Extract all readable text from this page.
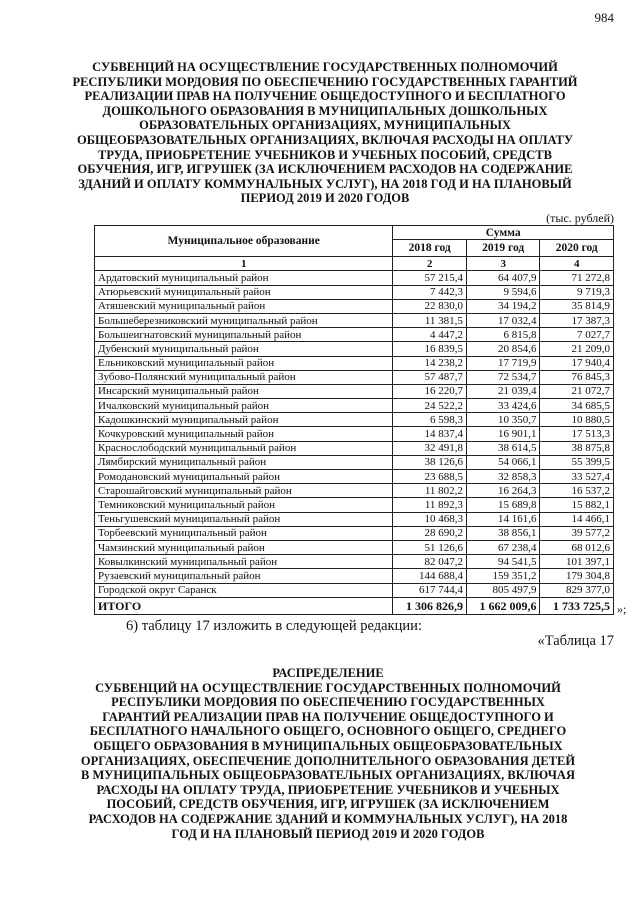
984
СУБВЕНЦИЙ НА ОСУЩЕСТВЛЕНИЕ ГОСУДАРСТВЕННЫХ ПОЛНОМОЧИЙ РЕСПУБЛИКИ МОРДОВИЯ ПО ОБЕСПЕЧЕНИЮ ГОСУДАРСТВЕННЫХ ГАРАНТИЙ РЕАЛИЗАЦИИ ПРАВ НА ПОЛУЧЕНИЕ ОБЩЕДОСТУПНОГО И БЕСПЛАТНОГО ДОШКОЛЬНОГО ОБРАЗОВАНИЯ В МУНИЦИПАЛЬНЫХ ДОШКОЛЬНЫХ ОБРАЗОВАТЕЛЬНЫХ ОРГАНИЗАЦИЯХ, МУНИЦИПАЛЬНЫХ ОБЩЕОБРАЗОВАТЕЛЬНЫХ ОРГАНИЗАЦИЯХ, ВКЛЮЧАЯ РАСХОДЫ НА ОПЛАТУ ТРУДА, ПРИОБРЕТЕНИЕ УЧЕБНИКОВ И УЧЕБНЫХ ПОСОБИЙ, СРЕДСТВ ОБУЧЕНИЯ, ИГР, ИГРУШЕК (ЗА ИСКЛЮЧЕНИЕМ РАСХОДОВ НА СОДЕРЖАНИЕ ЗДАНИЙ И ОПЛАТУ КОММУНАЛЬНЫХ УСЛУГ), НА 2018 ГОД И НА ПЛАНОВЫЙ ПЕРИОД 2019 И 2020 ГОДОВ
(тыс. рублей)
Муниципальное образование	Сумма		
	2018 год	2019 год	2020 год
1	2	3	4
Ардатовский муниципальный район	57 215,4	64 407,9	71 272,8
Атюрьевский муниципальный район	7 442,3	9 594,6	9 719,3
Атяшевский муниципальный район	22 830,0	34 194,2	35 814,9
Большеберезниковский муниципальный район	11 381,5	17 032,4	17 387,3
Большеигнатовский муниципальный район	4 447,2	6 815,8	7 027,7
Дубенский муниципальный район	16 839,5	20 854,6	21 209,0
Ельниковский муниципальный район	14 238,2	17 719,9	17 940,4
Зубово-Полянский муниципальный район	57 487,7	72 534,7	76 845,3
Инсарский муниципальный район	16 220,7	21 039,4	21 072,7
Ичалковский муниципальный район	24 522,2	33 424,6	34 685,5
Кадошкинский муниципальный район	6 598,3	10 350,7	10 880,5
Кочкуровский муниципальный район	14 837,4	16 901,1	17 513,3
Краснослободский муниципальный район	32 491,8	38 614,5	38 875,8
Лямбирский муниципальный район	38 126,6	54 066,1	55 399,5
Ромодановский муниципальный район	23 688,5	32 858,3	33 527,4
Старошайговский муниципальный район	11 802,2	16 264,3	16 537,2
Темниковский муниципальный район	11 892,3	15 689,8	15 882,1
Теньгушевский муниципальный район	10 468,3	14 161,6	14 466,1
Торбеевский муниципальный район	28 690,2	38 856,1	39 577,2
Чамзинский муниципальный район	51 126,6	67 238,4	68 012,6
Ковылкинский муниципальный район	82 047,2	94 541,5	101 397,1
Рузаевский муниципальный район	144 688,4	159 351,2	179 304,8
Городской округ Саранск	617 744,4	805 497,9	829 377,0
ИТОГО	1 306 826,9	1 662 009,6	1 733 725,5 »;
6) таблицу 17 изложить в следующей редакции:
«Таблица 17
РАСПРЕДЕЛЕНИЕ
СУБВЕНЦИЙ НА ОСУЩЕСТВЛЕНИЕ ГОСУДАРСТВЕННЫХ ПОЛНОМОЧИЙ РЕСПУБЛИКИ МОРДОВИЯ ПО ОБЕСПЕЧЕНИЮ ГОСУДАРСТВЕННЫХ ГАРАНТИЙ РЕАЛИЗАЦИИ ПРАВ НА ПОЛУЧЕНИЕ ОБЩЕДОСТУПНОГО И БЕСПЛАТНОГО НАЧАЛЬНОГО ОБЩЕГО, ОСНОВНОГО ОБЩЕГО, СРЕДНЕГО ОБЩЕГО ОБРАЗОВАНИЯ В МУНИЦИПАЛЬНЫХ ОБЩЕОБРАЗОВАТЕЛЬНЫХ ОРГАНИЗАЦИЯХ, ОБЕСПЕЧЕНИЕ ДОПОЛНИТЕЛЬНОГО ОБРАЗОВАНИЯ ДЕТЕЙ В МУНИЦИПАЛЬНЫХ ОБЩЕОБРАЗОВАТЕЛЬНЫХ ОРГАНИЗАЦИЯХ, ВКЛЮЧАЯ РАСХОДЫ НА ОПЛАТУ ТРУДА, ПРИОБРЕТЕНИЕ УЧЕБНИКОВ И УЧЕБНЫХ ПОСОБИЙ, СРЕДСТВ ОБУЧЕНИЯ, ИГР, ИГРУШЕК (ЗА ИСКЛЮЧЕНИЕМ РАСХОДОВ НА СОДЕРЖАНИЕ ЗДАНИЙ И КОММУНАЛЬНЫХ УСЛУГ), НА 2018 ГОД И НА ПЛАНОВЫЙ ПЕРИОД 2019 И 2020 ГОДОВ
